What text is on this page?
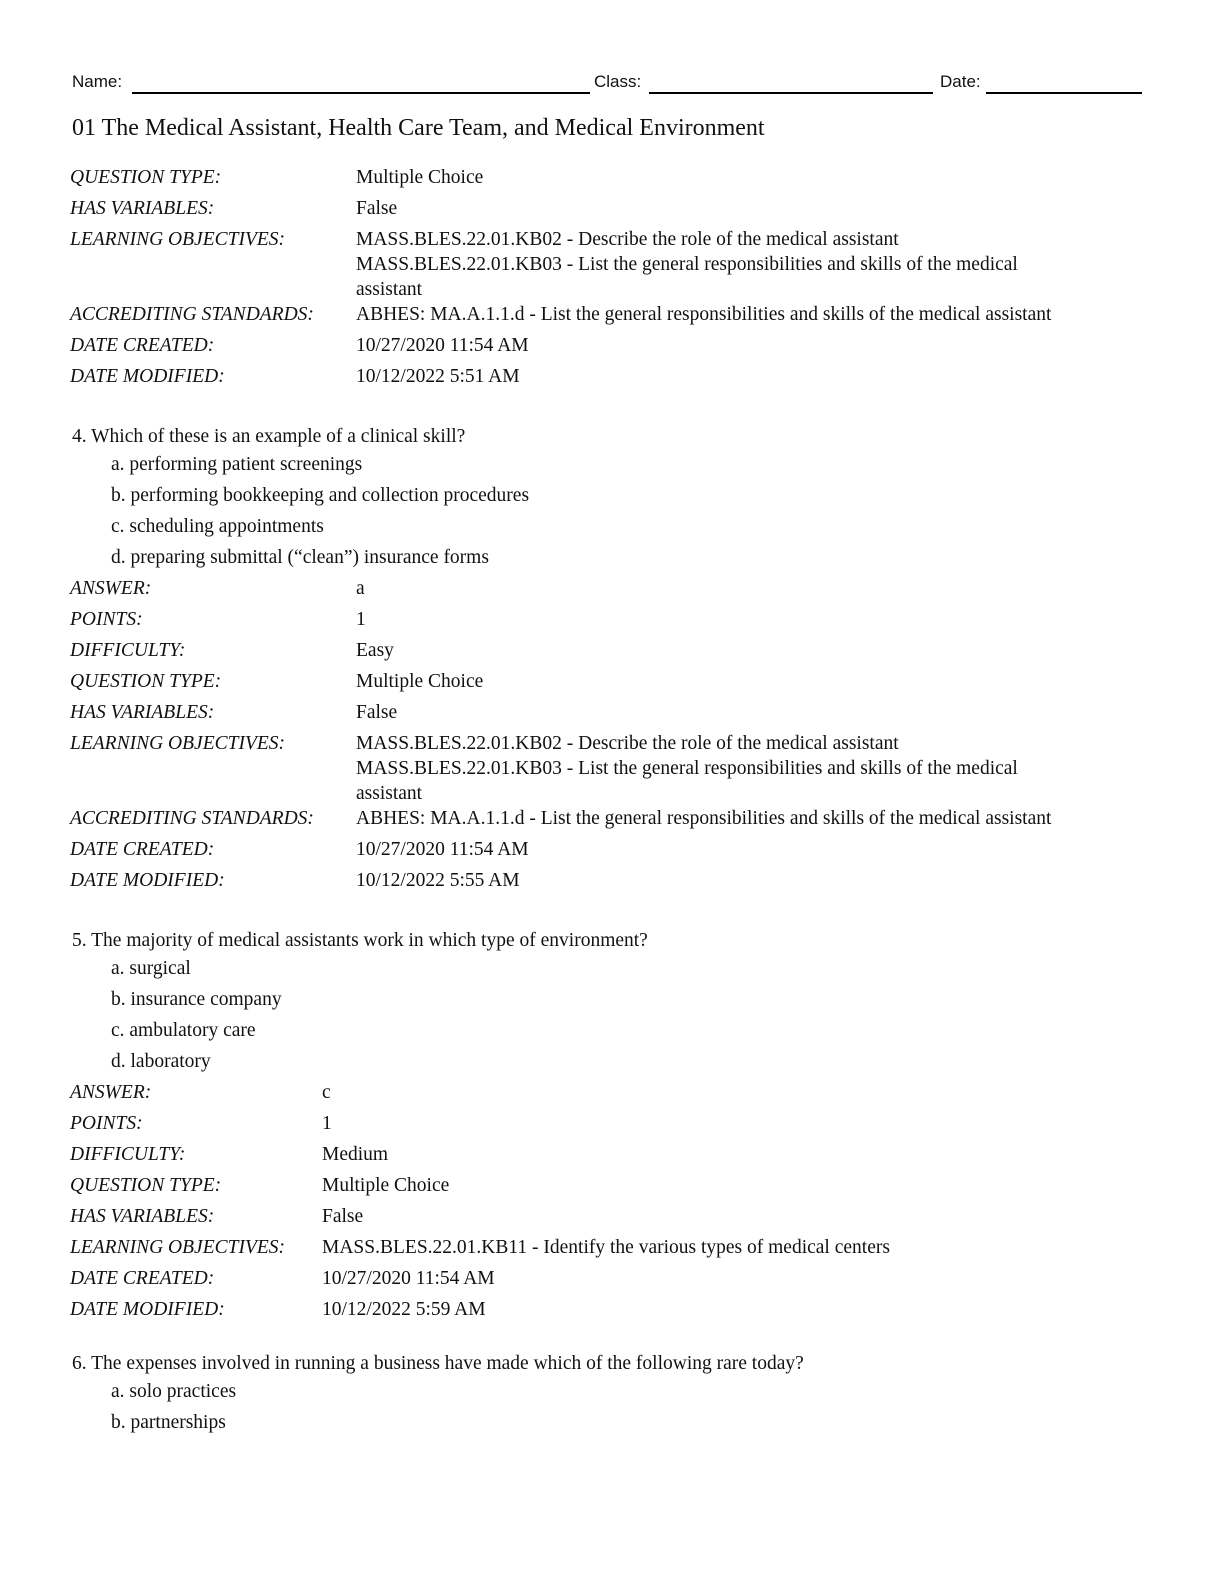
Name:	Class:	Date:
01 The Medical Assistant, Health Care Team, and Medical Environment
QUESTION TYPE:	Multiple Choice

HAS VARIABLES:	False

LEARNING OBJECTIVES:	MASS.BLES.22.01.KB02 - Describe the role of the medical assistant
MASS.BLES.22.01.KB03 - List the general responsibilities and skills of the medical
assistant

ACCREDITING STANDARDS:	ABHES: MA.A.1.1.d - List the general responsibilities and skills of the medical assistant

DATE CREATED:	10/27/2020 11:54 AM

DATE MODIFIED:	10/12/2022 5:51 AM
4. Which of these is an example of a clinical skill?
a. performing patient screenings
b. performing bookkeeping and collection procedures
c. scheduling appointments
d. preparing submittal (“clean”) insurance forms
ANSWER:	a

POINTS:	1

DIFFICULTY:	Easy

QUESTION TYPE:	Multiple Choice

HAS VARIABLES:	False

LEARNING OBJECTIVES:	MASS.BLES.22.01.KB02 - Describe the role of the medical assistant
MASS.BLES.22.01.KB03 - List the general responsibilities and skills of the medical
assistant

ACCREDITING STANDARDS:	ABHES: MA.A.1.1.d - List the general responsibilities and skills of the medical assistant

DATE CREATED:	10/27/2020 11:54 AM

DATE MODIFIED:	10/12/2022 5:55 AM
5. The majority of medical assistants work in which type of environment?
a. surgical
b. insurance company
c. ambulatory care
d. laboratory
ANSWER:	c

POINTS:	1

DIFFICULTY:	Medium

QUESTION TYPE:	Multiple Choice

HAS VARIABLES:	False

LEARNING OBJECTIVES:	MASS.BLES.22.01.KB11 - Identify the various types of medical centers

DATE CREATED:	10/27/2020 11:54 AM

DATE MODIFIED:	10/12/2022 5:59 AM
6. The expenses involved in running a business have made which of the following rare today?
a. solo practices
b. partnerships
